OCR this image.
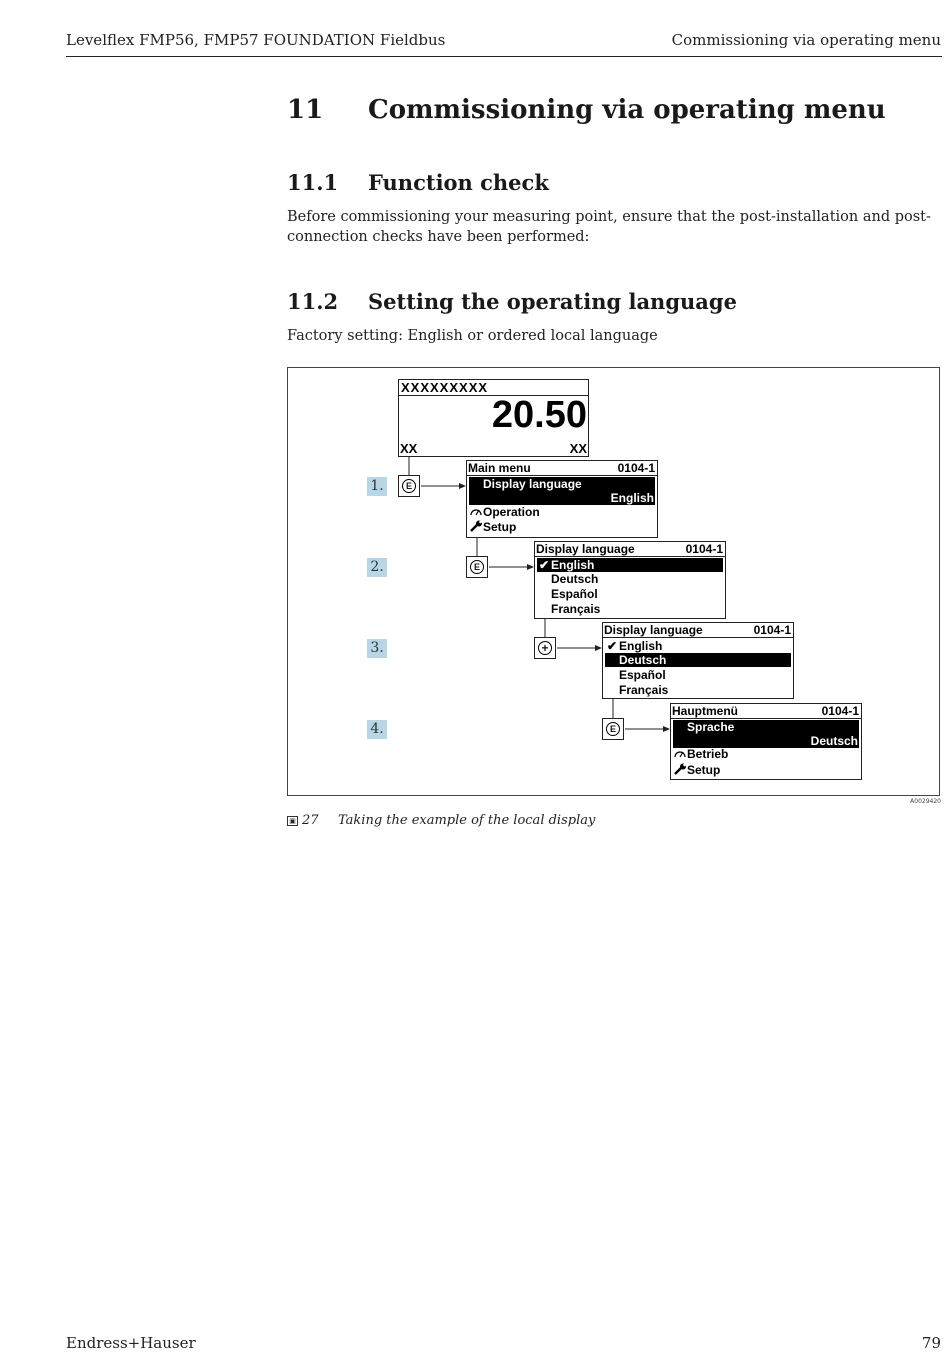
Levelflex FMP56, FMP57 FOUNDATION Fieldbus	Commissioning via operating menu
11 Commissioning via operating menu
11.1 Function check
Before commissioning your measuring point, ensure that the post-installation and post-connection checks have been performed:
11.2 Setting the operating language
Factory setting: English or ordered local language
1.
2.
3.
4.
E
E
+
E
XXXXXXXXX
20.50
XX	XX
Main menu	0104-1
Display language
English
Operation
Setup
Display language	0104-1
✔ English
Deutsch
Español
Français
Display language	0104-1
✔ English
Deutsch
Español
Français
Hauptmenü	0104-1
Sprache
Deutsch
Betrieb
Setup
A0029420
▣ 27 Taking the example of the local display
Endress+Hauser	79
